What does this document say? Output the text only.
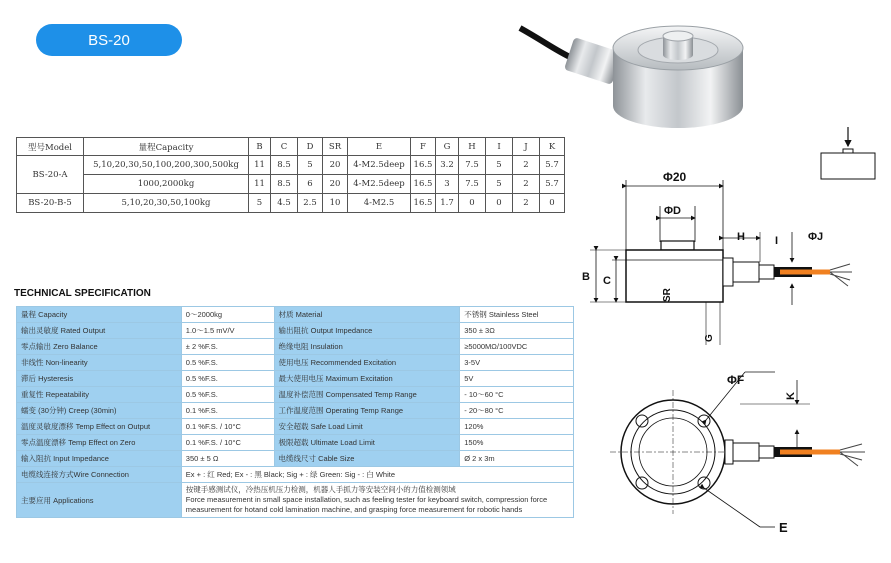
BS-20
型号Model	量程Capacity	B	C	D	SR	E	F	G	H	I	J	K
BS-20-A	5,10,20,30,50,100,200,300,500kg	11	8.5	5	20	4-M2.5deep	16.5	3.2	7.5	5	2	5.7
	1000,2000kg	11	8.5	6	20	4-M2.5deep	16.5	3	7.5	5	2	5.7
BS-20-B-5	5,10,20,30,50,100kg	5	4.5	2.5	10	4-M2.5	16.5	1.7	0	0	2	0
TECHNICAL SPECIFICATION
量程 Capacity	0～2000kg	材质 Material	不锈钢 Stainless Steel
输出灵敏度 Rated Output	1.0～1.5 mV/V	输出阻抗 Output Impedance	350 ± 3Ω
零点输出 Zero Balance	± 2 %F.S.	绝缘电阻 Insulation	≥5000MΩ/100VDC
非线性 Non-linearity	0.5 %F.S.	使用电压 Recommended Excitation	3-5V
滞后 Hysteresis	0.5 %F.S.	最大使用电压 Maximum Excitation	5V
重复性 Repeatability	0.5 %F.S.	温度补偿范围 Compensated Temp Range	- 10～60 °C
蠕变 (30分钟) Creep (30min)	0.1 %F.S.	工作温度范围 Operating Temp Range	- 20～80 °C
温度灵敏度漂移 Temp Effect on Output	0.1 %F.S. / 10°C	安全超载 Safe Load Limit	120%
零点温度漂移 Temp Effect on Zero	0.1 %F.S. / 10°C	极限超载 Ultimate Load Limit	150%
输入阻抗 Input Impedance	350 ± 5 Ω	电缆线尺寸 Cable Size	Ø 2 x 3m
电缆线连接方式Wire Connection	Ex + : 红 Red; Ex - : 黑 Black; Sig + : 绿 Green: Sig - : 白 White		
主要应用 Applications	按键手感测试仪，冷热压机压力检测，机器人手抓力等安装空间小的力值检测领域
Force measurement in small space installation, such as feeling tester for keyboard switch, compression force measurement for hotand cold lamination machine, and grasping force measurement for robotic hands		
Φ20
ΦD
H	I	ΦJ
B C
SR
G
ΦF
K
E
